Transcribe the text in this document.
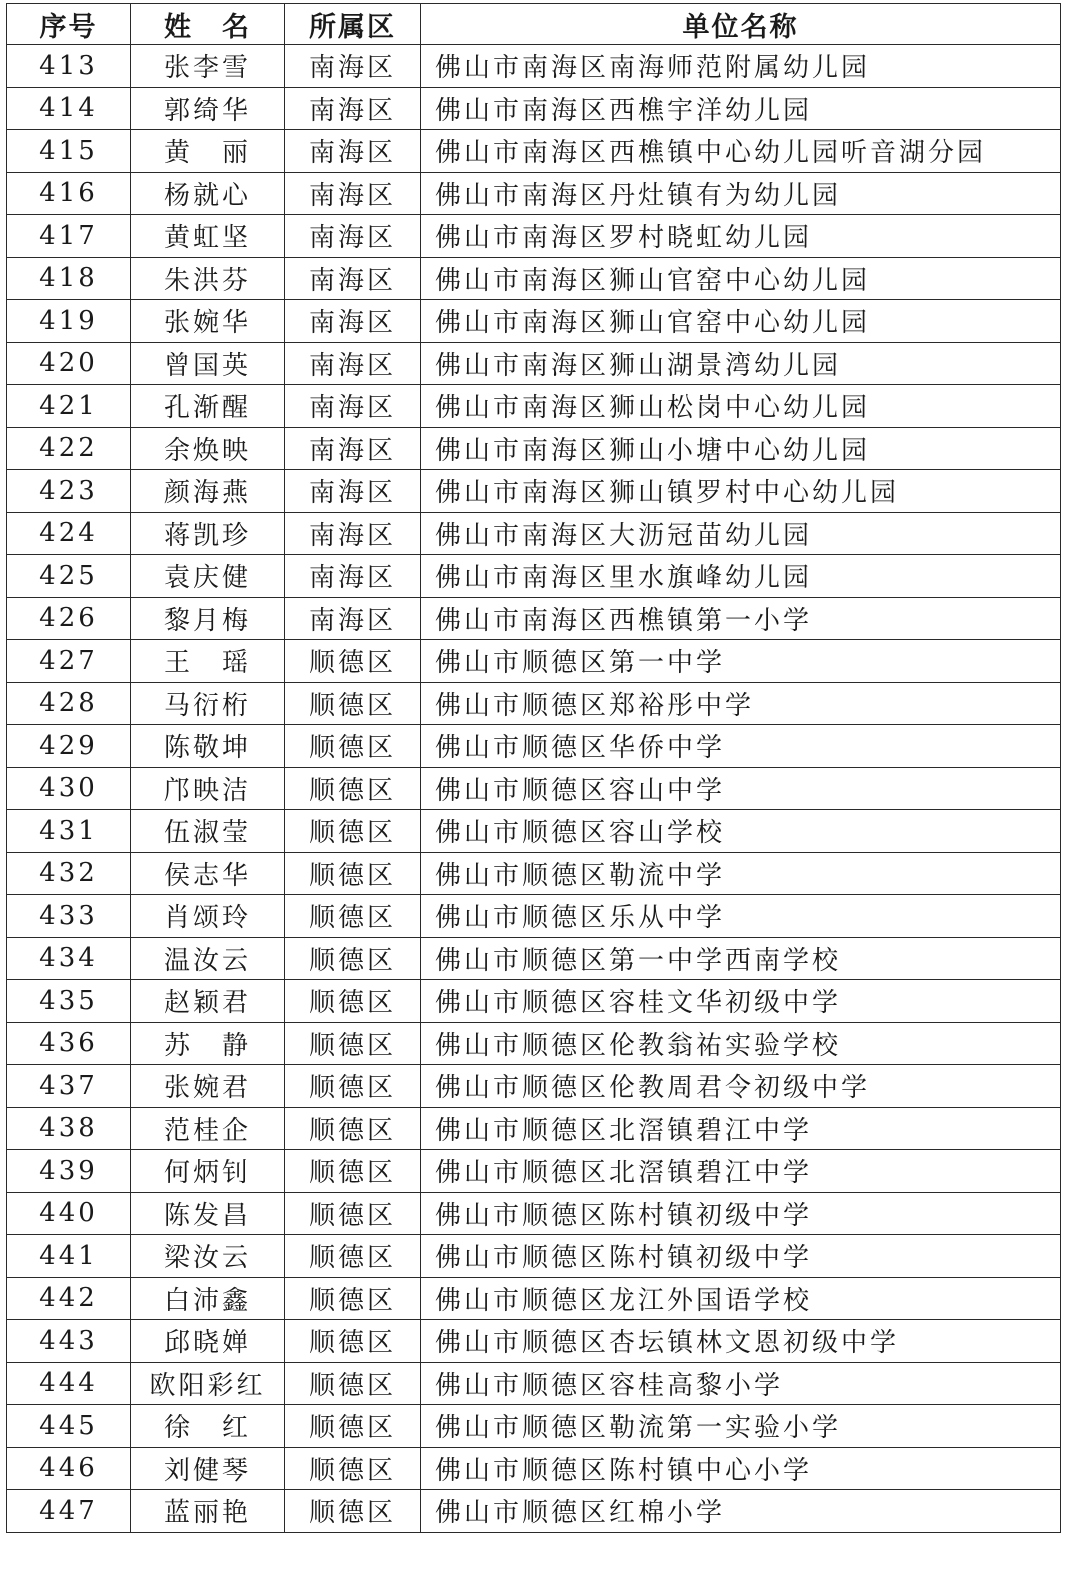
序号	姓　名	所属区	单位名称
413	张李雪	南海区	佛山市南海区南海师范附属幼儿园
414	郭绮华	南海区	佛山市南海区西樵宇洋幼儿园
415	黄　丽	南海区	佛山市南海区西樵镇中心幼儿园听音湖分园
416	杨就心	南海区	佛山市南海区丹灶镇有为幼儿园
417	黄虹坚	南海区	佛山市南海区罗村晓虹幼儿园
418	朱洪芬	南海区	佛山市南海区狮山官窑中心幼儿园
419	张婉华	南海区	佛山市南海区狮山官窑中心幼儿园
420	曾国英	南海区	佛山市南海区狮山湖景湾幼儿园
421	孔渐醒	南海区	佛山市南海区狮山松岗中心幼儿园
422	余焕映	南海区	佛山市南海区狮山小塘中心幼儿园
423	颜海燕	南海区	佛山市南海区狮山镇罗村中心幼儿园
424	蒋凯珍	南海区	佛山市南海区大沥冠苗幼儿园
425	袁庆健	南海区	佛山市南海区里水旗峰幼儿园
426	黎月梅	南海区	佛山市南海区西樵镇第一小学
427	王　瑶	顺德区	佛山市顺德区第一中学
428	马衍桁	顺德区	佛山市顺德区郑裕彤中学
429	陈敬坤	顺德区	佛山市顺德区华侨中学
430	邝映洁	顺德区	佛山市顺德区容山中学
431	伍淑莹	顺德区	佛山市顺德区容山学校
432	侯志华	顺德区	佛山市顺德区勒流中学
433	肖颂玲	顺德区	佛山市顺德区乐从中学
434	温汝云	顺德区	佛山市顺德区第一中学西南学校
435	赵颖君	顺德区	佛山市顺德区容桂文华初级中学
436	苏　静	顺德区	佛山市顺德区伦教翁祐实验学校
437	张婉君	顺德区	佛山市顺德区伦教周君令初级中学
438	范桂企	顺德区	佛山市顺德区北滘镇碧江中学
439	何炳钊	顺德区	佛山市顺德区北滘镇碧江中学
440	陈发昌	顺德区	佛山市顺德区陈村镇初级中学
441	梁汝云	顺德区	佛山市顺德区陈村镇初级中学
442	白沛鑫	顺德区	佛山市顺德区龙江外国语学校
443	邱晓婵	顺德区	佛山市顺德区杏坛镇林文恩初级中学
444	欧阳彩红	顺德区	佛山市顺德区容桂高黎小学
445	徐　红	顺德区	佛山市顺德区勒流第一实验小学
446	刘健琴	顺德区	佛山市顺德区陈村镇中心小学
447	蓝丽艳	顺德区	佛山市顺德区红棉小学
